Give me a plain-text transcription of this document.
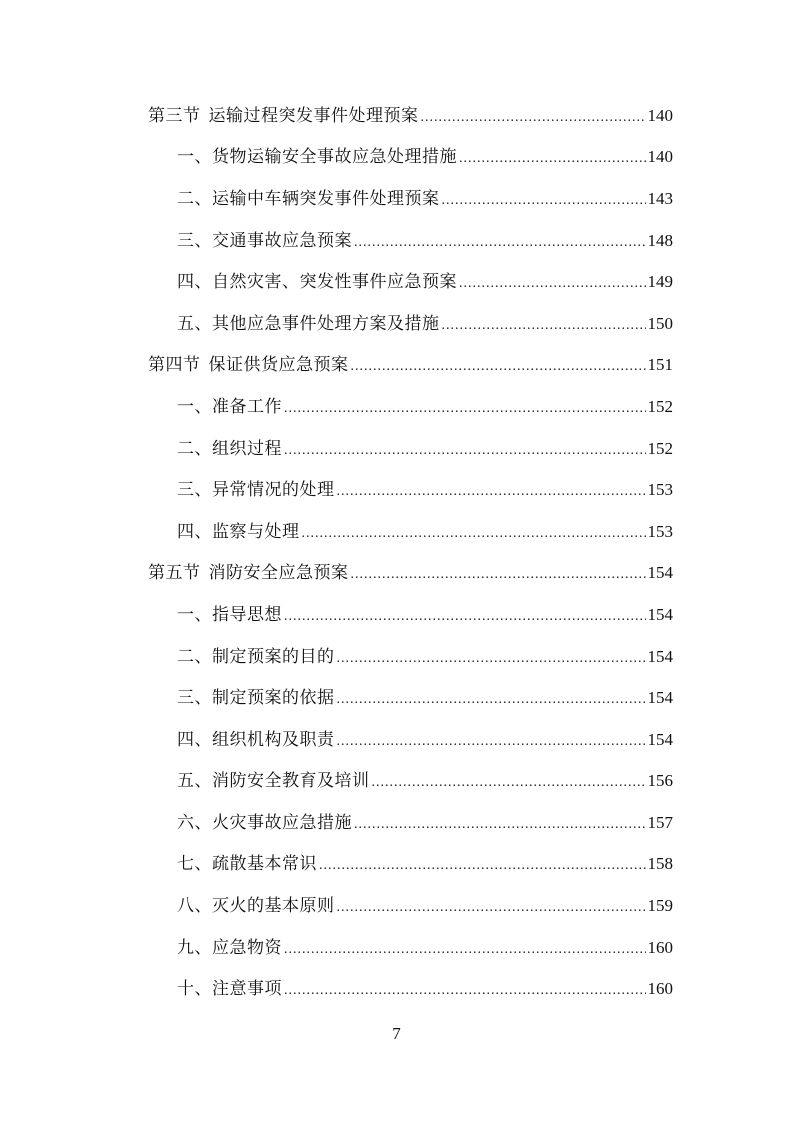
第三节 运输过程突发事件处理预案 .....	140
一、货物运输安全事故应急处理措施 .....	140
二、运输中车辆突发事件处理预案 .....	143
三、交通事故应急预案 .....	148
四、自然灾害、突发性事件应急预案 .....	149
五、其他应急事件处理方案及措施 .....	150
第四节 保证供货应急预案 .....	151
一、准备工作 .....	152
二、组织过程 .....	152
三、异常情况的处理 .....	153
四、监察与处理 .....	153
第五节 消防安全应急预案 .....	154
一、指导思想 .....	154
二、制定预案的目的 .....	154
三、制定预案的依据 .....	154
四、组织机构及职责 .....	154
五、消防安全教育及培训 .....	156
六、火灾事故应急措施 .....	157
七、疏散基本常识 .....	158
八、灭火的基本原则 .....	159
九、应急物资 .....	160
十、注意事项 .....	160
7
